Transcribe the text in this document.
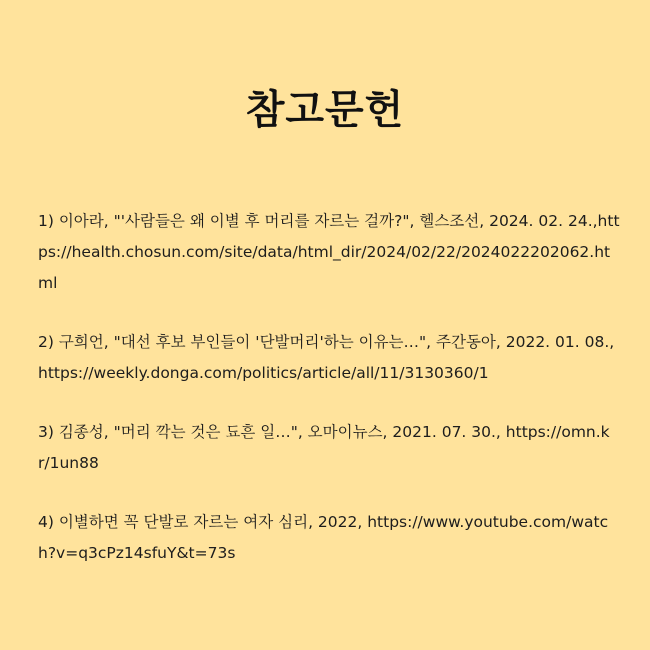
참고문헌
1) 이아라, "'사람들은 왜 이별 후 머리를 자르는 걸까?", 헬스조선, 2024. 02. 24.,https://health.chosun.com/site/data/html_dir/2024/02/22/2024022202062.html
2) 구희언, "대선 후보 부인들이 '단발머리'하는 이유는…", 주간동아, 2022. 01. 08., https://weekly.donga.com/politics/article/all/11/3130360/1
3) 김종성, "머리 깍는 것은 됴흔 일…", 오마이뉴스, 2021. 07. 30., https://omn.kr/1un88
4) 이별하면 꼭 단발로 자르는 여자 심리, 2022, https://www.youtube.com/watch?v=q3cPz14sfuY&t=73s
